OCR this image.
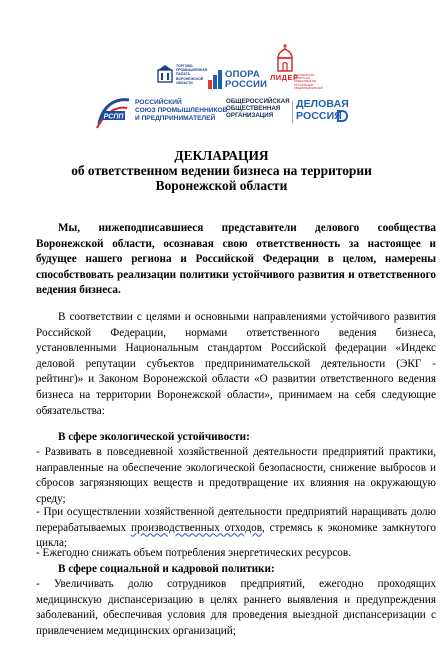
ТОРГОВО-
ПРОМЫШЛЕННАЯ
ПАЛАТА
ВОРОНЕЖСКОЙ
ОБЛАСТИ
ОПОРА
РОССИИ
ЛИДЕР
ВОРОНЕЖСКАЯ ОБЛАСТНАЯ ОБЩЕСТВЕННАЯ ОРГАНИЗАЦИЯ ПРЕДПРИНИМАТЕЛЕЙ
РСПП
РОССИЙСКИЙ
СОЮЗ ПРОМЫШЛЕННИКОВ
И ПРЕДПРИНИМАТЕЛЕЙ
ОБЩЕРОССИЙСКАЯ
ОБЩЕСТВЕННАЯ
ОРГАНИЗАЦИЯ
ДЕЛОВАЯ
РОССИЯ
ДЕКЛАРАЦИЯ
об ответственном ведении бизнеса на территории
Воронежской области
Мы, нижеподписавшиеся представители делового сообщества Воронежской области, осознавая свою ответственность за настоящее и будущее нашего региона и Российской Федерации в целом, намерены способствовать реализации политики устойчивого развития и ответственного ведения бизнеса.
В соответствии с целями и основными направлениями устойчивого развития Российской Федерации, нормами ответственного ведения бизнеса, установленными Национальным стандартом Российской федерации «Индекс деловой репутации субъектов предпринимательской деятельности (ЭКГ - рейтинг)» и Законом Воронежской области «О развитии ответственного ведения бизнеса на территории Воронежской области», принимаем на себя следующие обязательства:
В сфере экологической устойчивости:
- Развивать в повседневной хозяйственной деятельности предприятий практики, направленные на обеспечение экологической безопасности, снижение выбросов и сбросов загрязняющих веществ и предотвращение их влияния на окружающую среду;
- При осуществлении хозяйственной деятельности предприятий наращивать долю перерабатываемых производственных отходов, стремясь к экономике замкнутого цикла;
- Ежегодно снижать объем потребления энергетических ресурсов.
В сфере социальной и кадровой политики:
- Увеличивать долю сотрудников предприятий, ежегодно проходящих медицинскую диспансеризацию в целях раннего выявления и предупреждения заболеваний, обеспечивая условия для проведения выездной диспансеризации с привлечением медицинских организаций;
